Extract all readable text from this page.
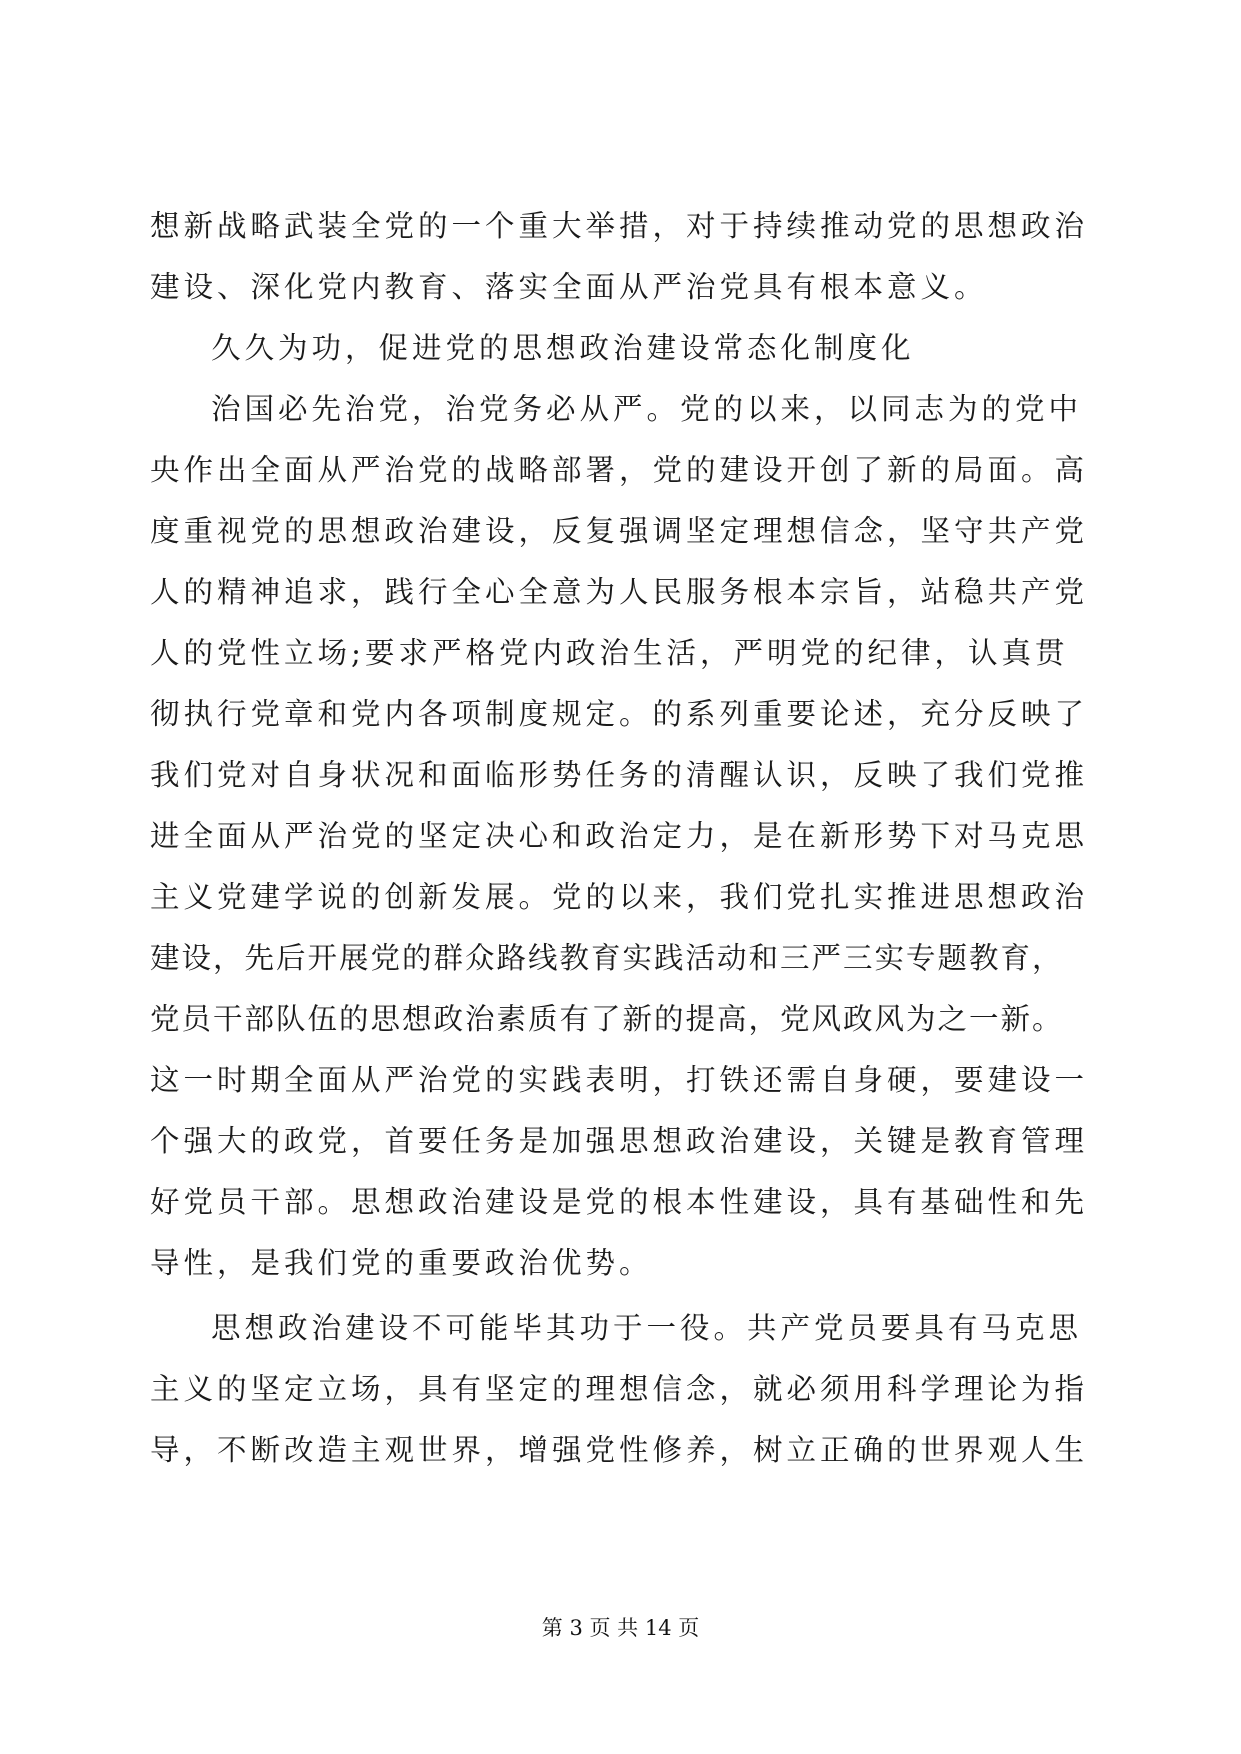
想新战略武装全党的一个重大举措，对于持续推动党的思想政治
建设、深化党内教育、落实全面从严治党具有根本意义。
久久为功，促进党的思想政治建设常态化制度化
治国必先治党，治党务必从严。党的以来，以同志为的党中
央作出全面从严治党的战略部署，党的建设开创了新的局面。高
度重视党的思想政治建设，反复强调坚定理想信念，坚守共产党
人的精神追求，践行全心全意为人民服务根本宗旨，站稳共产党
人的党性立场;要求严格党内政治生活，严明党的纪律，认真贯
彻执行党章和党内各项制度规定。的系列重要论述，充分反映了
我们党对自身状况和面临形势任务的清醒认识，反映了我们党推
进全面从严治党的坚定决心和政治定力，是在新形势下对马克思
主义党建学说的创新发展。党的以来，我们党扎实推进思想政治
建设，先后开展党的群众路线教育实践活动和三严三实专题教育，
党员干部队伍的思想政治素质有了新的提高，党风政风为之一新。
这一时期全面从严治党的实践表明，打铁还需自身硬，要建设一
个强大的政党，首要任务是加强思想政治建设，关键是教育管理
好党员干部。思想政治建设是党的根本性建设，具有基础性和先
导性，是我们党的重要政治优势。
思想政治建设不可能毕其功于一役。共产党员要具有马克思
主义的坚定立场，具有坚定的理想信念，就必须用科学理论为指
导，不断改造主观世界，增强党性修养，树立正确的世界观人生
第 3 页 共 14 页
